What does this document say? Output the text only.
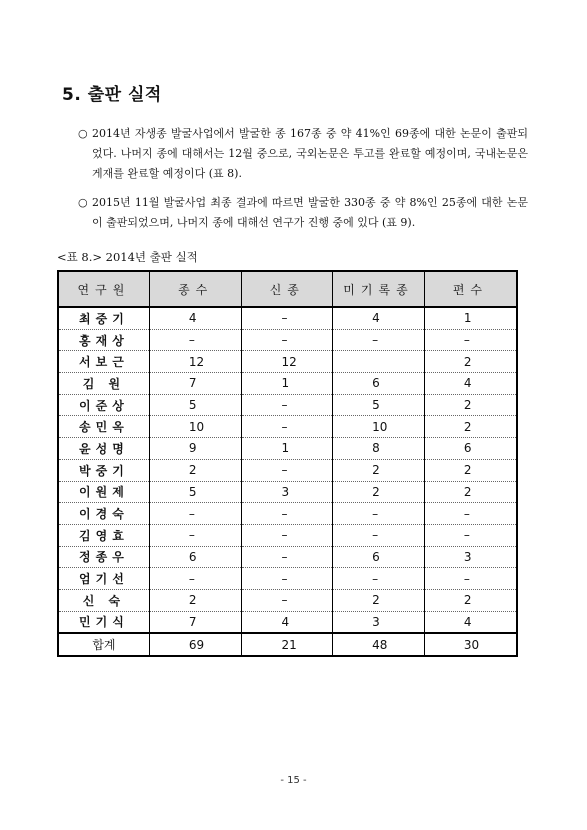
5. 출판 실적
○ 2014년 자생종 발굴사업에서 발굴한 종 167종 중 약 41%인 69종에 대한 논문이 출판되었다. 나머지 종에 대해서는 12월 중으로, 국외논문은 투고를 완료할 예정이며, 국내논문은 게재를 완료할 예정이다 (표 8).
○ 2015년 11월 발굴사업 최종 결과에 따르면 발굴한 330종 중 약 8%인 25종에 대한 논문이 출판되었으며, 나머지 종에 대해선 연구가 진행 중에 있다 (표 9).
<표 8.> 2014년 출판 실적
연구원	종수	신종	미기록종	편수
최중기	4	–	4	1
홍재상	–	–	–	–
서보근	12	12		2
김 원	7	1	6	4
이준상	5	–	5	2
송민옥	10	–	10	2
윤성명	9	1	8	6
박중기	2	–	2	2
이원제	5	3	2	2
이경숙	–	–	–	–
김영효	–	–	–	–
정종우	6	–	6	3
엄기선	–	–	–	–
신 숙	2	–	2	2
민기식	7	4	3	4
합계	69	21	48	30
- 15 -
